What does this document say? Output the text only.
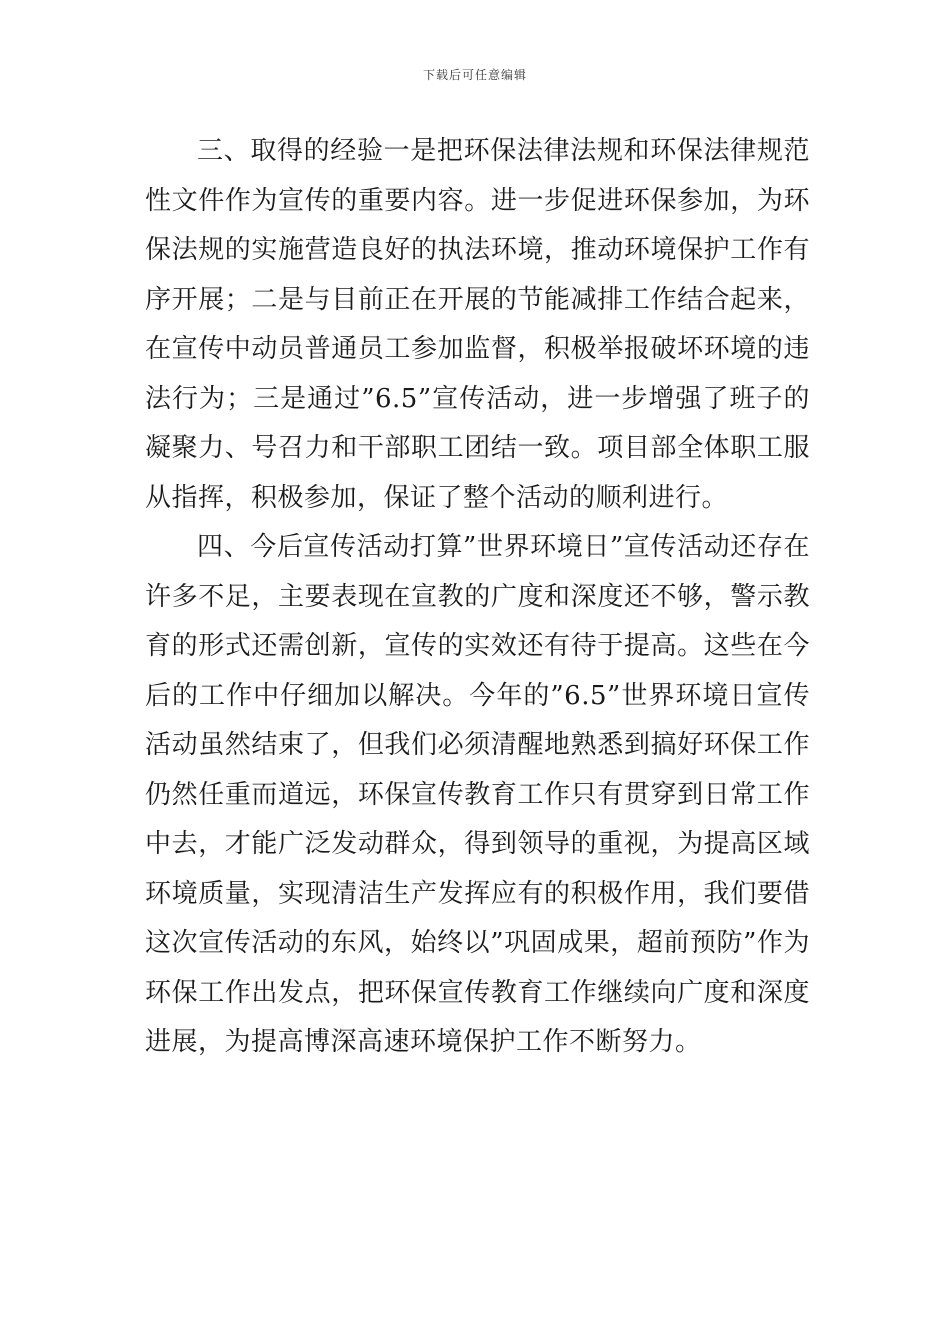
下载后可任意编辑

三、取得的经验一是把环保法律法规和环保法律规范性文件作为宣传的重要内容。进一步促进环保参加，为环保法规的实施营造良好的执法环境，推动环境保护工作有序开展；二是与目前正在开展的节能减排工作结合起来，在宣传中动员普通员工参加监督，积极举报破坏环境的违法行为；三是通过”6.5”宣传活动，进一步增强了班子的凝聚力、号召力和干部职工团结一致。项目部全体职工服从指挥，积极参加，保证了整个活动的顺利进行。

四、今后宣传活动打算”世界环境日”宣传活动还存在许多不足，主要表现在宣教的广度和深度还不够，警示教育的形式还需创新，宣传的实效还有待于提高。这些在今后的工作中仔细加以解决。今年的”6.5”世界环境日宣传活动虽然结束了，但我们必须清醒地熟悉到搞好环保工作仍然任重而道远，环保宣传教育工作只有贯穿到日常工作中去，才能广泛发动群众，得到领导的重视，为提高区域环境质量，实现清洁生产发挥应有的积极作用，我们要借这次宣传活动的东风，始终以”巩固成果，超前预防”作为环保工作出发点，把环保宣传教育工作继续向广度和深度进展，为提高博深高速环境保护工作不断努力。
